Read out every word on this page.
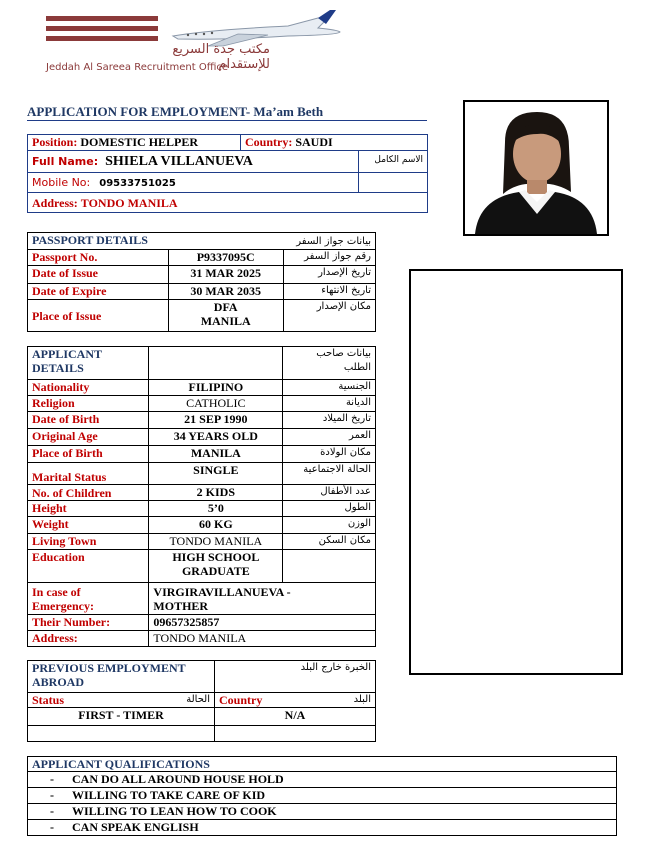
مكتب جدة السريع للإستقدام
Jeddah Al Sareea Recruitment Office
APPLICATION FOR EMPLOYMENT- Ma’am Beth
Position: DOMESTIC HELPER	Country: SAUDI	
Full Name: SHIELA VILLANUEVA		الاسم الكامل
Mobile No: 09533751025		
Address: TONDO MANILA		
PASSPORT DETAILS		بيانات جواز السفر
Passport No.	P9337095C	رقم جواز السفر
Date of Issue	31 MAR 2025	تاريخ الإصدار
Date of Expire	30 MAR 2035	تاريخ الانتهاء
Place of Issue	DFA MANILA	مكان الإصدار
APPLICANT DETAILS		بيانات صاحب الطلب
Nationality	FILIPINO	الجنسية
Religion	CATHOLIC	الديانة
Date of Birth	21 SEP 1990	تاريخ الميلاد
Original Age	34 YEARS OLD	العمر
Place of Birth	MANILA	مكان الولادة
Marital Status	SINGLE	الحالة الاجتماعية
No. of Children	2 KIDS	عدد الأطفال
Height	5’0	الطول
Weight	60 KG	الوزن
Living Town	TONDO MANILA	مكان السكن
Education	HIGH SCHOOL GRADUATE	
In case of Emergency:	VIRGIRAVILLANUEVA - MOTHER	
Their Number:	09657325857	
Address:	TONDO MANILA	
PREVIOUS EMPLOYMENT ABROAD	الخبرة خارج البلد
Status الحالة	Country البلد

FIRST - TIMER	N/A

APPLICANT QUALIFICATIONS
- CAN DO ALL AROUND HOUSE HOLD
- WILLING TO TAKE CARE OF KID
- WILLING TO LEAN HOW TO COOK
- CAN SPEAK ENGLISH
